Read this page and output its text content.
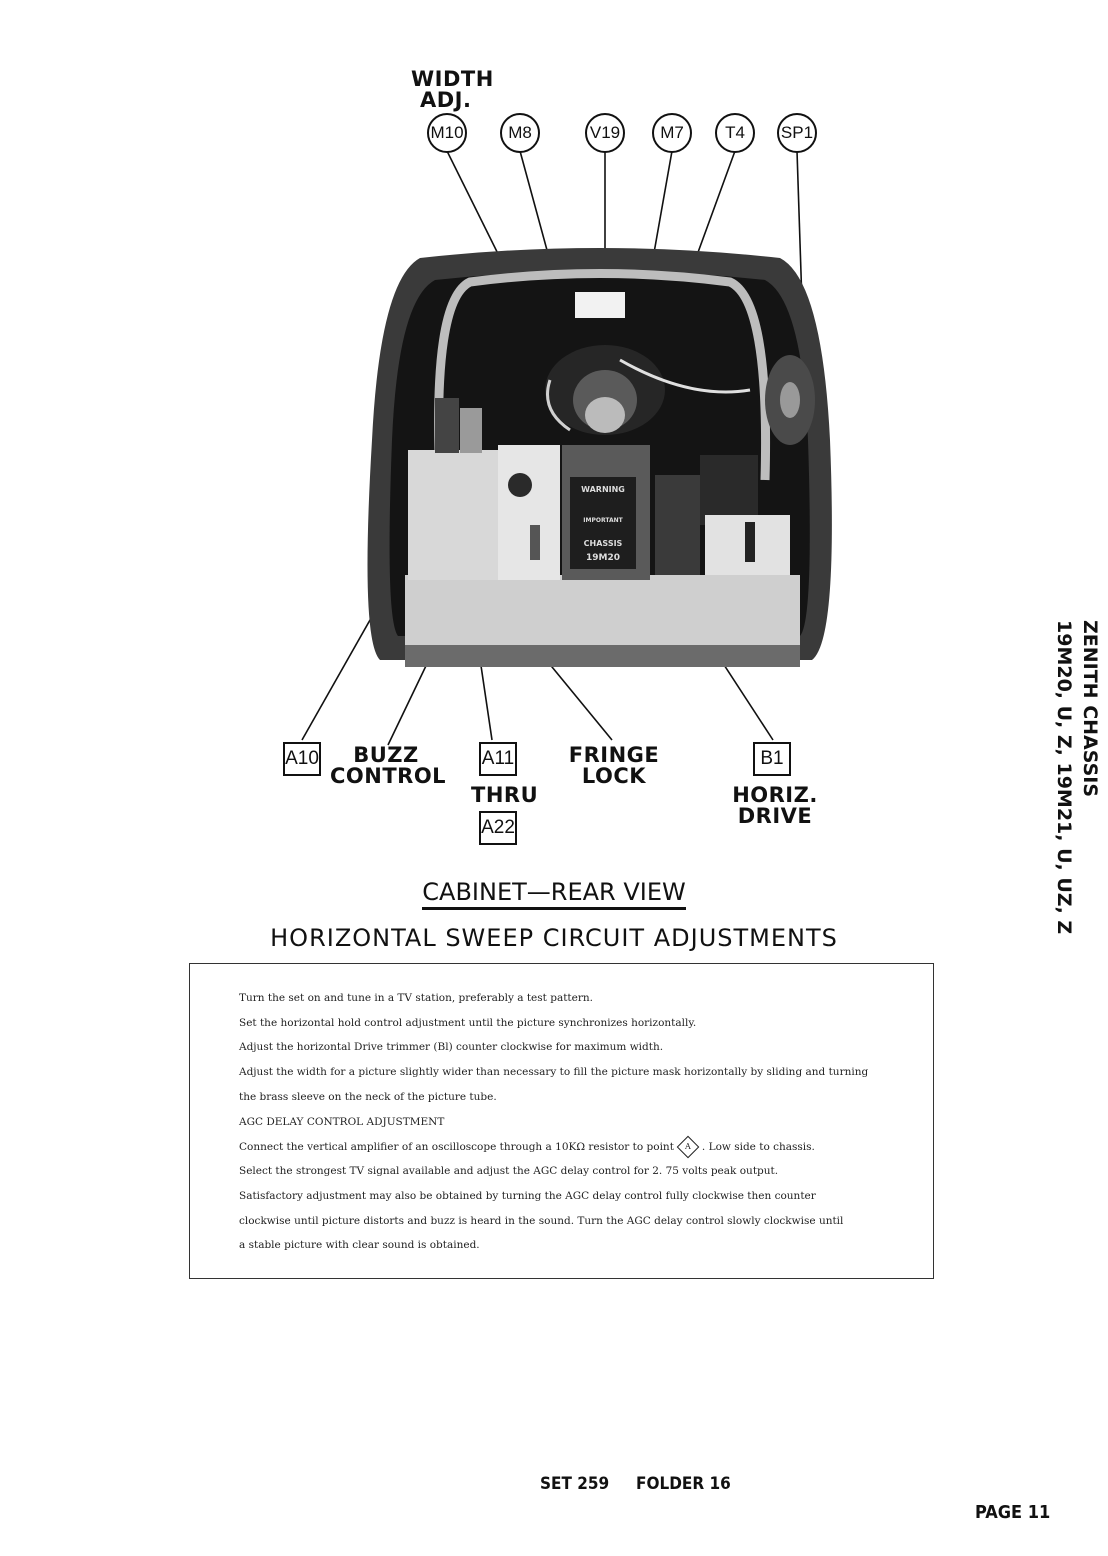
WARNING
IMPORTANT
CHASSIS
19M20
WIDTH
ADJ.
M10	M8	V19	M7	T4	SP1
A10	BUZZ
CONTROL
A11
THRU
A22
FRINGE
LOCK
B1
HORIZ.
DRIVE
CABINET—REAR VIEW
HORIZONTAL SWEEP CIRCUIT ADJUSTMENTS
Turn the set on and tune in a TV station, preferably a test pattern.
Set the horizontal hold control adjustment until the picture synchronizes horizontally.
Adjust the horizontal Drive trimmer (Bl) counter clockwise for maximum width.
Adjust the width for a picture slightly wider than necessary to fill the picture mask horizontally by sliding and turning
the brass sleeve on the neck of the picture tube.
AGC DELAY CONTROL ADJUSTMENT
Connect the vertical amplifier of an oscilloscope through a 10KΩ resistor to point A . Low side to chassis.
Select the strongest TV signal available and adjust the AGC delay control for 2. 75 volts peak output.
Satisfactory adjustment may also be obtained by turning the AGC delay control fully clockwise then counter
clockwise until picture distorts and buzz is heard in the sound. Turn the AGC delay control slowly clockwise until
a stable picture with clear sound is obtained.
ZENITH CHASSIS
19M20, U, Z, 19M21, U, UZ, Z
SET 259 FOLDER 16
PAGE 11
